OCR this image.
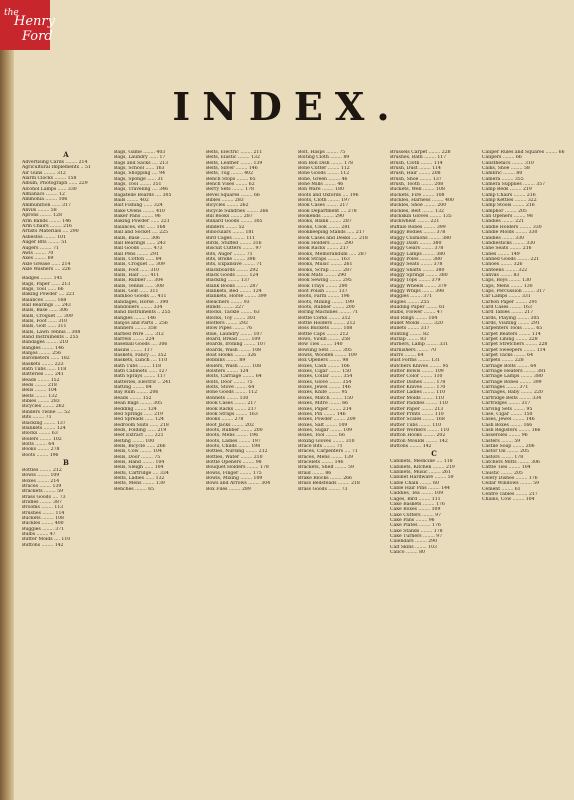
the
Henry
Ford
INDEX.
A
Advertising Cards ........ 214
Agricultural Implements .. 51
Air Guns ........ 312
Alarm Clocks ........ 158
Album, Photograph ...... 229
Alcohol Lamps ...... 330
Almanacs ........ 12
Ammonia ........ 106
Ammunition ...... 317
Anvils ........ 58
Aprons ........ 128
Arm Bands ........ 146
Arm Chairs ........ 216
Artists Materials .... 290
Asbestos ........ 101
Auger Bits ........ 51
Augers ........ 71
Awls ........ 70
Axes ........ 69
Axle Grease ...... 214
Axle Washers .... 226
Badges ........ 141
Bags, Paper ...... 213
Bags, Tool ...... 66
Baking Powder .... 221
Balances ........ 168
Ball Bearings .... 243
Balls, Base ...... 306
Balls, Croquet .... 309
Balls, Foot ...... 310
Balls, Golf ...... 311
Balls, Lawn Tennis .. 308
Band Instruments .. 255
Bandages ........ 210
Bangles ........ 146
Banjos ........ 256
Barometers ...... 182
Baskets ........ 223
Bath Tubs ...... 118
Batteries ...... 241
Beads ........ 152
Beds ........ 218
Bells ........ 104
Belts ........ 132
Bibles ........ 283
Bicycles ........ 262
Binders Twine .... 52
Bits ........ 71
Blacking ........ 137
Blankets ........ 124
Blocks ........ 63
Boilers ........ 102
Bolts ........ 64
Books ........ 278
Boots ........ 196
B
Bottles ........ 212
Bowls ........ 109
Boxes ........ 214
Braces ........ 139
Brackets ........ 59
Brass Goods .... 73
Bridles ........ 387
Brooms ........ 113
Brushes ........ 114
Buckets ........ 108
Buckles ........ 400
Buggies ........ 371
Bulbs ........ 47
Butter Molds .... 110
Buttons ........ 142
Bags, Game ........ 403
Bags, Laundry ...... 17
Bags and Sacks .... 213
Bags, School ...... 163
Bags, Shopping .... 94
Bags, Sponge ...... 31
Bags, Tool ........ 351
Bags, Traveling .... 346
Bagatelle Boards .... 305
Bails ........ 402
Bait Fishing ...... 324
Bake Ovens ........ 410
Baker Pans ........ 96
Baking Powder ...... 221
Balances, etc ...... 168
Ball and Socket .... 225
Balls, Base ...... 306
Ball Bearings ...... 243
Ball Goods ........ 473
Ball Pens ........ 291
Balls, Cotton ...... 84
Balls, Croquet .... 309
Balls, Foot ...... 310
Balls, Hair ...... 411
Balls, Rubber .... 304
Balls, Tennis ...... 308
Balls, Golf ...... 311
Bamboo Goods .... 411
Bandages, Horse .. 390
Bandoliers ........ 334
Band Instruments .. 255
Bangles ........ 146
Banjos and Parts .. 256
Banners ........ 358
Barbed Wire ...... 312
Barrels ........ 224
Baseball Goods .... 306
Basins ........ 117
Baskets, Fancy .... 352
Baskets, Lunch .... 110
Bath Tubs ........ 118
Bath Cabinets ...... 127
Bath Sprays ........ 117
Batteries, Electric .. 241
Batting ........ 84
Bay Rum ........ 206
Beads ........ 152
Bean Bags ........ 305
Bedding ........ 124
Bed Springs ...... 219
Bed Spreads ...... 124
Bedroom Suits ...... 218
Beds, Folding ...... 219
Beef Extract ...... 221
Belting ........ 100
Bells, Bicycle ...... 266
Bells, Cow ........ 104
Bells, Door ........ 75
Bells, Hand ........ 104
Bells, Sleigh ...... 104
Belts, Cartridge .... 334
Belts, Ladies ...... 132
Belts, Mens ........ 139
Benches ........ 65
Belts, Electric ........ 211
Belts, Elastic ........ 132
Belts, Leather ........ 139
Belts, Silver ........ 146
Belts, Tug ........ 402
Bench Stops ........ 65
Bench Vises ........ 62
Berry Sets ........ 178
Bevel Squares ........ 66
Bibles ........ 283
Bicycles ........ 262
Bicycle Sundries ........ 266
Bill Books ........ 287
Billiard Goods ........ 305
Binders ........ 52
Binoculars ........ 181
Bird Cages ........ 111
Birds, Stuffed ........ 316
Biscuit Cutters ........ 97
Bits, Auger ........ 71
Bits, Bridle ........ 396
Bits, Expansive ........ 71
Blackboards ........ 292
Black Goods ........ 124
Blacking ........ 137
Blank Books ........ 287
Blankets, Bed ........ 124
Blankets, Horse ........ 399
Bleachers ........ 93
Blinds ........ 227
Blocks, Tackle ........ 63
Blocks, Toy ........ 301
Blotters ........ 292
Blow Pipes ........ 76
Blue, Laundry ........ 107
Board, Bread ........ 109
Boards, Ironing ........ 107
Boards, Wash ........ 108
Boat Hooks ........ 326
Bobbins ........ 89
Boilers, Wash ........ 108
Bolsters ........ 124
Bolts, Carriage ........ 64
Bolts, Door ........ 75
Bolts, Stove ........ 64
Bone Goods ........ 112
Bonnets ........ 130
Book Cases ........ 217
Book Racks ........ 217
Book Straps ........ 163
Books ........ 278
Boot Jacks ........ 202
Boots, Rubber ........ 200
Boots, Mens ........ 196
Boots, Ladies ........ 197
Boots, Childs ........ 198
Bottles, Nursing ........ 212
Bottles, Water ........ 210
Bottle Openers ........ 98
Bouquet Holders ........ 178
Bowls, Finger ........ 175
Bowls, Mixing ........ 109
Bows and Arrows ........ 304
Box Files ........ 289
Bolt, Hasps ........ 75
Bolting Cloth ........ 89
Bon Bon Dish ........ 178
Bone Cutter ........ 112
Bone Goods ........ 112
Bone, Green ........ 46
Bone Mills ........ 46
Bon Ware ........ 180
Boots and Oxfords .... 196
Boots, Cloth ........ 197
Book Cases ........ 217
Book Department .... 278
Bookends ........ 290
Books, Blank ........ 287
Books, Cook ........ 281
Bookkeeping Stands ..... 217
Book Cases and Desks .... 218
Book Holders ........ 290
Book Racks ........ 217
Books, Memorandum ..... 287
Book Straps ........ 163
Books, Music ........ 261
Books, Scrap ........ 287
Book Mats ........ 290
Book Sewing ........ 295
Book Trays ........ 290
Boot Polish ........ 137
Boots, Farm ........ 196
Boots, Mining ........ 199
Boots, Rubber ........ 200
Boring Machines ........ 71
Bottle Corks ........ 212
Bottle Holders ........ 212
Boss Buckets ........ 108
Bottle Caps ........ 212
Bows, Violin ........ 258
Bow Ties ........ 140
Bowling Sets ........ 305
Bowls, Wooden ........ 109
Box Openers ........ 98
Boxes, Cash ........ 166
Boxes, Cigar ........ 150
Boxes, Collar ........ 354
Boxes, Glove ........ 354
Boxes, Jewel ........ 146
Boxes, Knife ........ 95
Boxes, Match ........ 150
Boxes, Mitre ........ 66
Boxes, Paper ........ 214
Boxes, Pin ........ 146
Boxes, Powder ........ 209
Boxes, Salt ........ 109
Boxes, Sugar ........ 109
Boxes, Tool ........ 66
Boxing Gloves ........ 310
Brace Bits ........ 71
Braces, Carpenters .... 71
Braces, Mens ........ 139
Bracelets ........ 146
Brackets, Shelf ........ 59
Braid ........ 86
Brake Blocks ........ 266
Brass Bedsteads ........ 218
Brass Goods ........ 73
Brussels Carpet ........ 228
Brushes, Bath ........ 117
Brush, Cloth ........ 114
Brush, Dust ........ 114
Brush, Hair ........ 208
Brush, Shoe ........ 137
Brush, Tooth ........ 208
Buckets, Well ........ 108
Buckets, Fire ........ 108
Buckles, Harness ........ 400
Buckles, Shoe ........ 200
Buckles, Belt ........ 132
Buckskin Gloves ........ 135
Buckwheat ........ 221
Buffalo Robes ........ 399
Buggy Bodies ........ 378
Buggy Cushions ........ 380
Buggy Dash ........ 380
Buggy Gears ........ 378
Buggy Lamps ........ 380
Buggy Poles ........ 380
Buggy Seats ........ 378
Buggy Shafts ........ 380
Buggy Springs ........ 380
Buggy Tops ........ 379
Buggy Wheels ........ 379
Buggy Whips ........ 398
Buggies ........ 371
Bugles ........ 255
Building Paper ........ 61
Bulbs, Flower ........ 47
Bull Rings ........ 104
Bullet Molds ........ 320
Bullets ........ 317
Bunting ........ 82
Burlap ........ 83
Burners, Lamp ........ 331
Burnishers ........ 70
Burrs ........ 64
Bust Forms ........ 131
Butchers Knives ........ 95
Butter Bowls ........ 109
Butter Color ........ 110
Butter Dishes ........ 178
Butter Knives ........ 170
Butter Ladles ........ 110
Butter Molds ........ 110
Butter Paddles ........ 110
Butter Paper ........ 213
Butter Prints ........ 110
Butter Scales ........ 168
Butter Tubs ........ 110
Butter Workers ........ 110
Button Hooks ........ 202
Button Moulds ........ 142
Buttons ........ 142
C
Cabinets, Medicine .... 118
Cabinets, Kitchen ........ 219
Cabinets, Music ........ 261
Cabinet Hardware ........ 59
Cable Chain ........ 60
Cable Hair Pins ........ 144
Caddies, Tea ........ 109
Cages, Bird ........ 111
Cake Baskets ........ 176
Cake Boxes ........ 109
Cake Cutters ........ 97
Cake Pans ........ 96
Cake Plates ........ 176
Cake Stands ........ 178
Cake Turners ........ 97
Calendars ........ 290
Calf Skins ........ 103
Calico ........ 80
Caliper Rules and Squares ........ 66
Calipers ........ 66
Calisthenics ........ 310
Calks, Shoe ........ 58
Cambric ........ 80
Camera ........ 355
Camera Supplies ........ 357
Camp Beds ........ 219
Camp Chairs ........ 216
Camp Kettles ........ 322
Camp Stools ........ 216
Camphor ........ 205
Can Openers ........ 98
Candies ........ 221
Candle Holders ........ 330
Candle Molds ........ 330
Candles ........ 330
Candlesticks ........ 330
Cane Seats ........ 216
Canes ........ 149
Canned Goods ........ 221
Canoes ........ 326
Canteens ........ 322
Canvas ........ 83
Caps, Boys ........ 130
Caps, Mens ........ 130
Caps, Percussion ........ 317
Car Lamps ........ 331
Carbon Paper ........ 291
Card Cases ........ 163
Card Tables ........ 217
Cards, Playing ........ 305
Cards, Visiting ........ 291
Carpenters Tools ........ 65
Carpet Beaters ........ 114
Carpet Lining ........ 228
Carpet Stretchers ........ 228
Carpet Sweepers ........ 114
Carpet Tacks ........ 64
Carpets ........ 228
Carriage Bolts ........ 64
Carriage Heaters ........ 381
Carriage Lamps ........ 380
Carriage Robes ........ 399
Carriages ........ 371
Carriages, Baby ........ 220
Cartridge Belts ........ 334
Cartridges ........ 317
Carving Sets ........ 95
Case, Cigar ........ 150
Cases, Jewel ........ 146
Cash Boxes ........ 166
Cash Registers ........ 166
Casseroles ........ 96
Casters ........ 59
Castile Soap ........ 206
Castor Oil ........ 205
Castors ........ 178
Catchers Mitts ........ 306
Cattle Ties ........ 104
Caustic ........ 205
Celery Dishes ........ 176
Cellar Windows ........ 59
Cement ........ 61
Centre Tables ........ 217
Chains, Cow ........ 104
